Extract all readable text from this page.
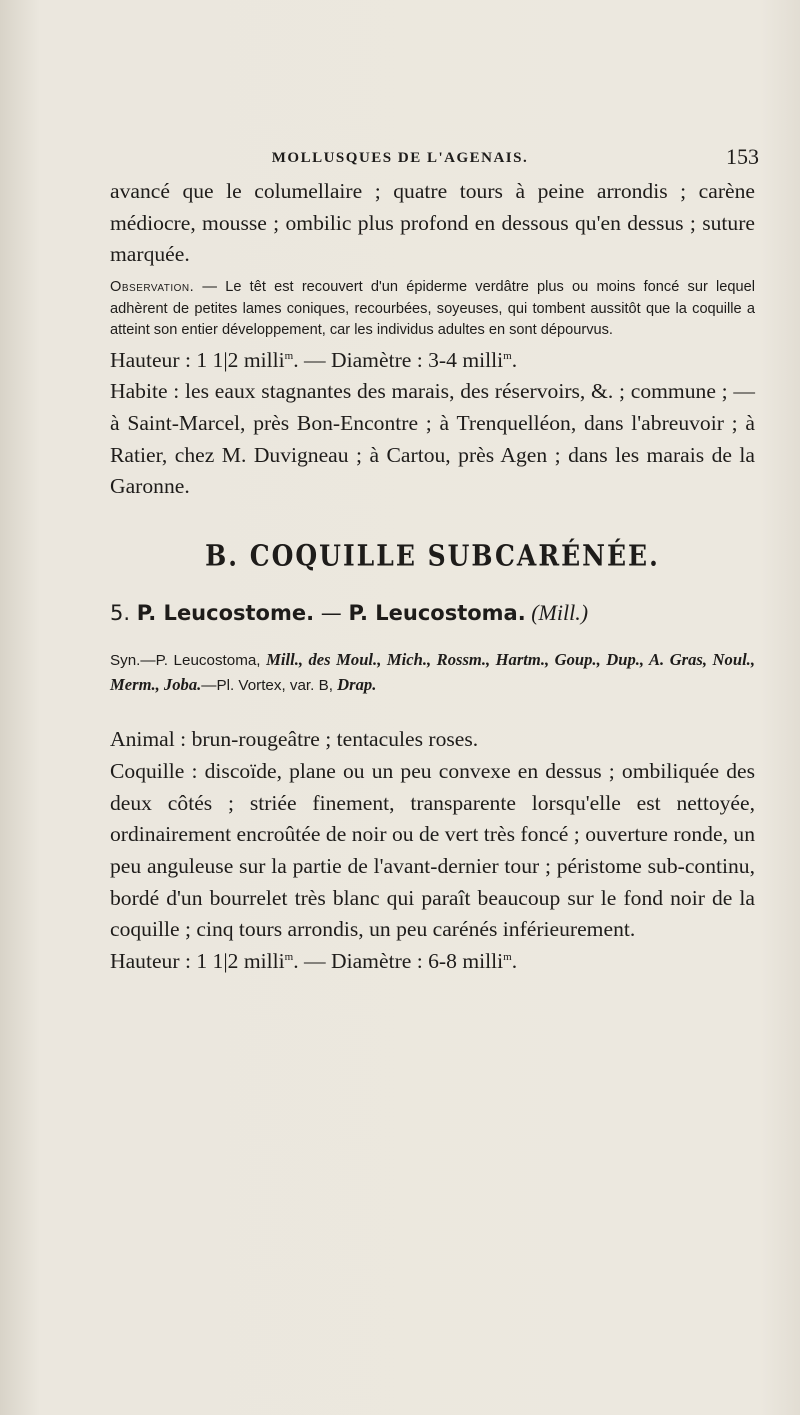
MOLLUSQUES DE L'AGENAIS.	153

avancé que le columellaire ; quatre tours à peine arrondis ; carène médiocre, mousse ; ombilic plus profond en dessous qu'en dessus ; suture marquée.

Observation. — Le têt est recouvert d'un épiderme verdâtre plus ou moins foncé sur lequel adhèrent de petites lames coniques, recourbées, soyeuses, qui tombent aussitôt que la coquille a atteint son entier développement, car les individus adultes en sont dépourvus.

Hauteur : 1 1|2 milli$^m$. — Diamètre : 3-4 milli$^m$.

Habite : les eaux stagnantes des marais, des réservoirs, &. ; commune ; — à Saint-Marcel, près Bon-Encontre ; à Trenquelléon, dans l'abreuvoir ; à Ratier, chez M. Duvigneau ; à Cartou, près Agen ; dans les marais de la Garonne.

B. COQUILLE SUBCARÉNÉE.

5. P. Leucostome. — P. Leucostoma. (Mill.)

Syn.—P. Leucostoma, Mill., des Moul., Mich., Rossm., Hartm., Goup., Dup., A. Gras, Noul., Merm., Joba.—Pl. Vortex, var. B, Drap.

Animal : brun-rougeâtre ; tentacules roses.

Coquille : discoïde, plane ou un peu convexe en dessus ; ombiliquée des deux côtés ; striée finement, transparente lorsqu'elle est nettoyée, ordinairement encroûtée de noir ou de vert très foncé ; ouverture ronde, un peu anguleuse sur la partie de l'avant-dernier tour ; péristome sub-continu, bordé d'un bourrelet très blanc qui paraît beaucoup sur le fond noir de la coquille ; cinq tours arrondis, un peu carénés inférieurement.

Hauteur : 1 1|2 milli$^m$. — Diamètre : 6-8 milli$^m$.
